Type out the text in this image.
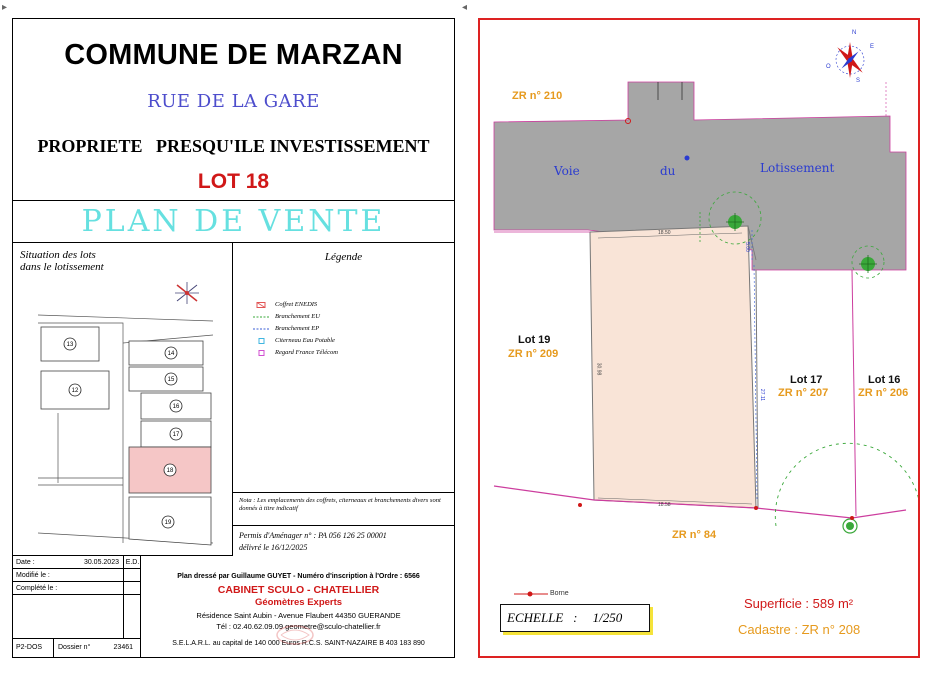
▸	◂
COMMUNE DE MARZAN
RUE DE LA GARE
PROPRIETE   PRESQU'ILE INVESTISSEMENT
LOT 18
PLAN DE VENTE
Situation des lots
dans le lotissement
13
12
14
15
16
17
18
19
Légende
Coffret ENEDIS
Branchement EU
Branchement EP
Citerneau Eau Potable
Regard France Télécom
Nota : Les emplacements des coffrets, citerneaux et branchements divers sont donnés à titre indicatif
Permis d'Aménager n° : PA 056 126 25 00001
délivré le 16/12/2025
Date :	30.05.2023 E.D.
Modifié le :
Complété le :
P2-DOS	Dossier n°	23461
Plan dressé par Guillaume GUYET - Numéro d'inscription à l'Ordre : 6566
CABINET SCULO - CHATELLIER
Géomètres Experts
Résidence Saint Aubin - Avenue Flaubert 44350 GUERANDE
Tél : 02.40.62.09.09 geometre@sculo-chatellier.fr
S.E.L.A.R.L. au capital de 140 000 Euros R.C.S. SAINT-NAZAIRE B 403 183 890
N
E
S
O
ZR n° 210
Voie	du	Lotissement
18.50
18.58
30.98
27.11
5.00
Lot 19
ZR n° 209
Lot 17
ZR n° 207
Lot 16
ZR n° 206
ZR n° 84
Borne
ECHELLE   : 1/250
Superficie : 589 m²
Cadastre : ZR n° 208
